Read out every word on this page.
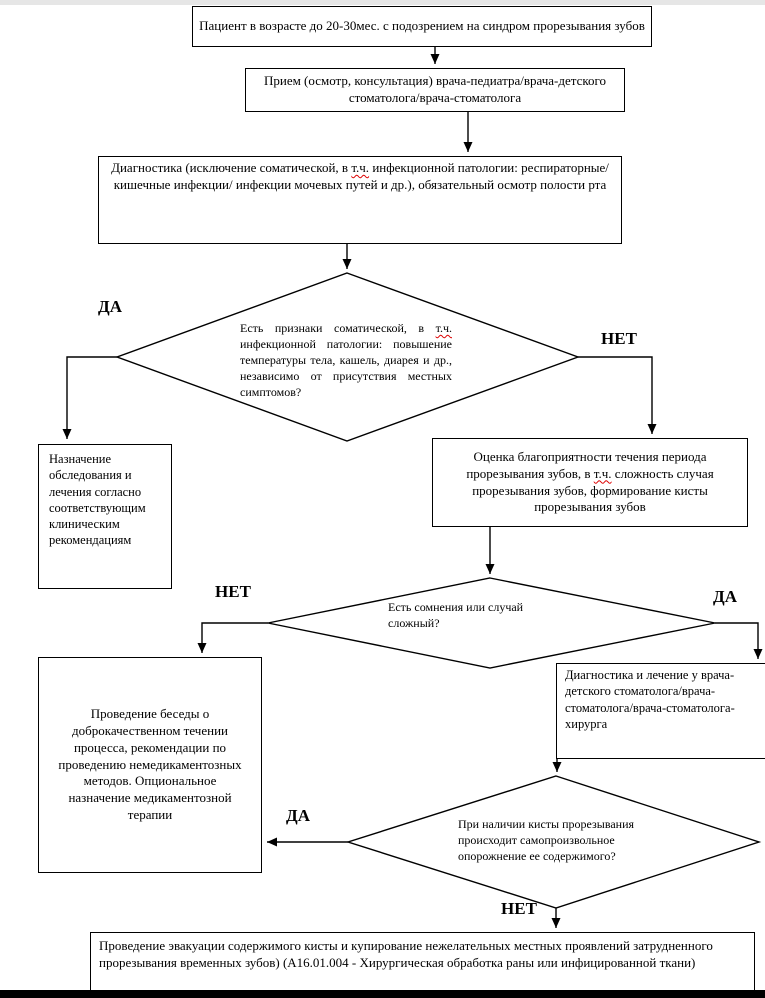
Пациент в возрасте до 20-30мес. с подозрением на синдром прорезывания зубов
Прием (осмотр, консультация) врача-педиатра/врача-детского стоматолога/врача-стоматолога
Диагностика (исключение соматической, в т.ч. инфекционной патологии: респираторные/кишечные инфекции/ инфекции мочевых путей и др.), обязательный осмотр полости рта
Есть признаки соматической, в т.ч. инфекционной патологии: повышение температуры тела, кашель, диарея и др., независимо от присутствия местных симптомов?
ДА
НЕТ
Назначение обследования и лечения согласно соответствующим клиническим рекомендациям
Оценка благоприятности течения периода прорезывания зубов, в т.ч. сложность случая прорезывания зубов, формирование кисты прорезывания зубов
Есть сомнения или случай сложный?
НЕТ	ДА
Проведение беседы о доброкачественном течении процесса, рекомендации по проведению немедикаментозных методов. Опциональное назначение медикаментозной терапии
Диагностика и лечение у врача-детского стоматолога/врача-стоматолога/врача-стоматолога-хирурга
При наличии кисты прорезывания происходит самопроизвольное опорожнение ее содержимого?
ДА
НЕТ
Проведение эвакуации содержимого кисты и купирование нежелательных местных проявлений затрудненного прорезывания временных зубов) (А16.01.004 - Хирургическая обработка раны или инфицированной ткани)
